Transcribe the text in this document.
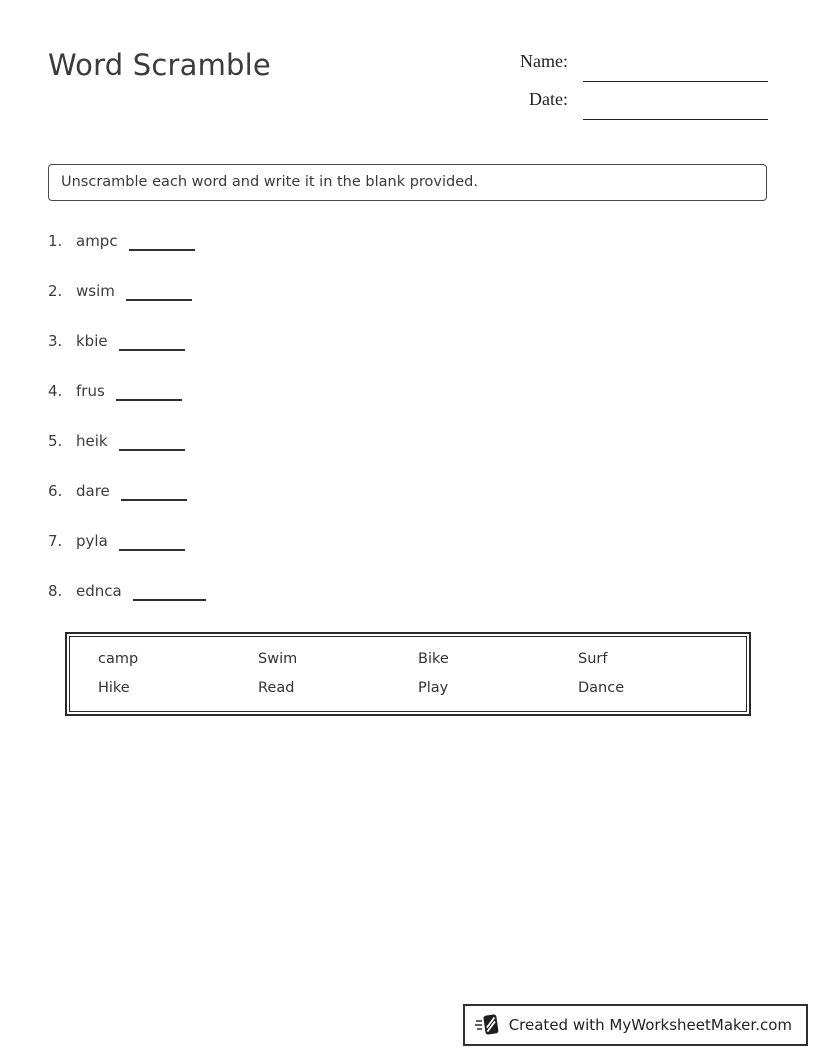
Word Scramble	Name:
Date:
Unscramble each word and write it in the blank provided.
1. ampc
2. wsim
3. kbie
4. frus
5. heik
6. dare
7. pyla
8. ednca
camp	Swim	Bike	Surf
Hike	Read	Play	Dance
Created with MyWorksheetMaker.com
